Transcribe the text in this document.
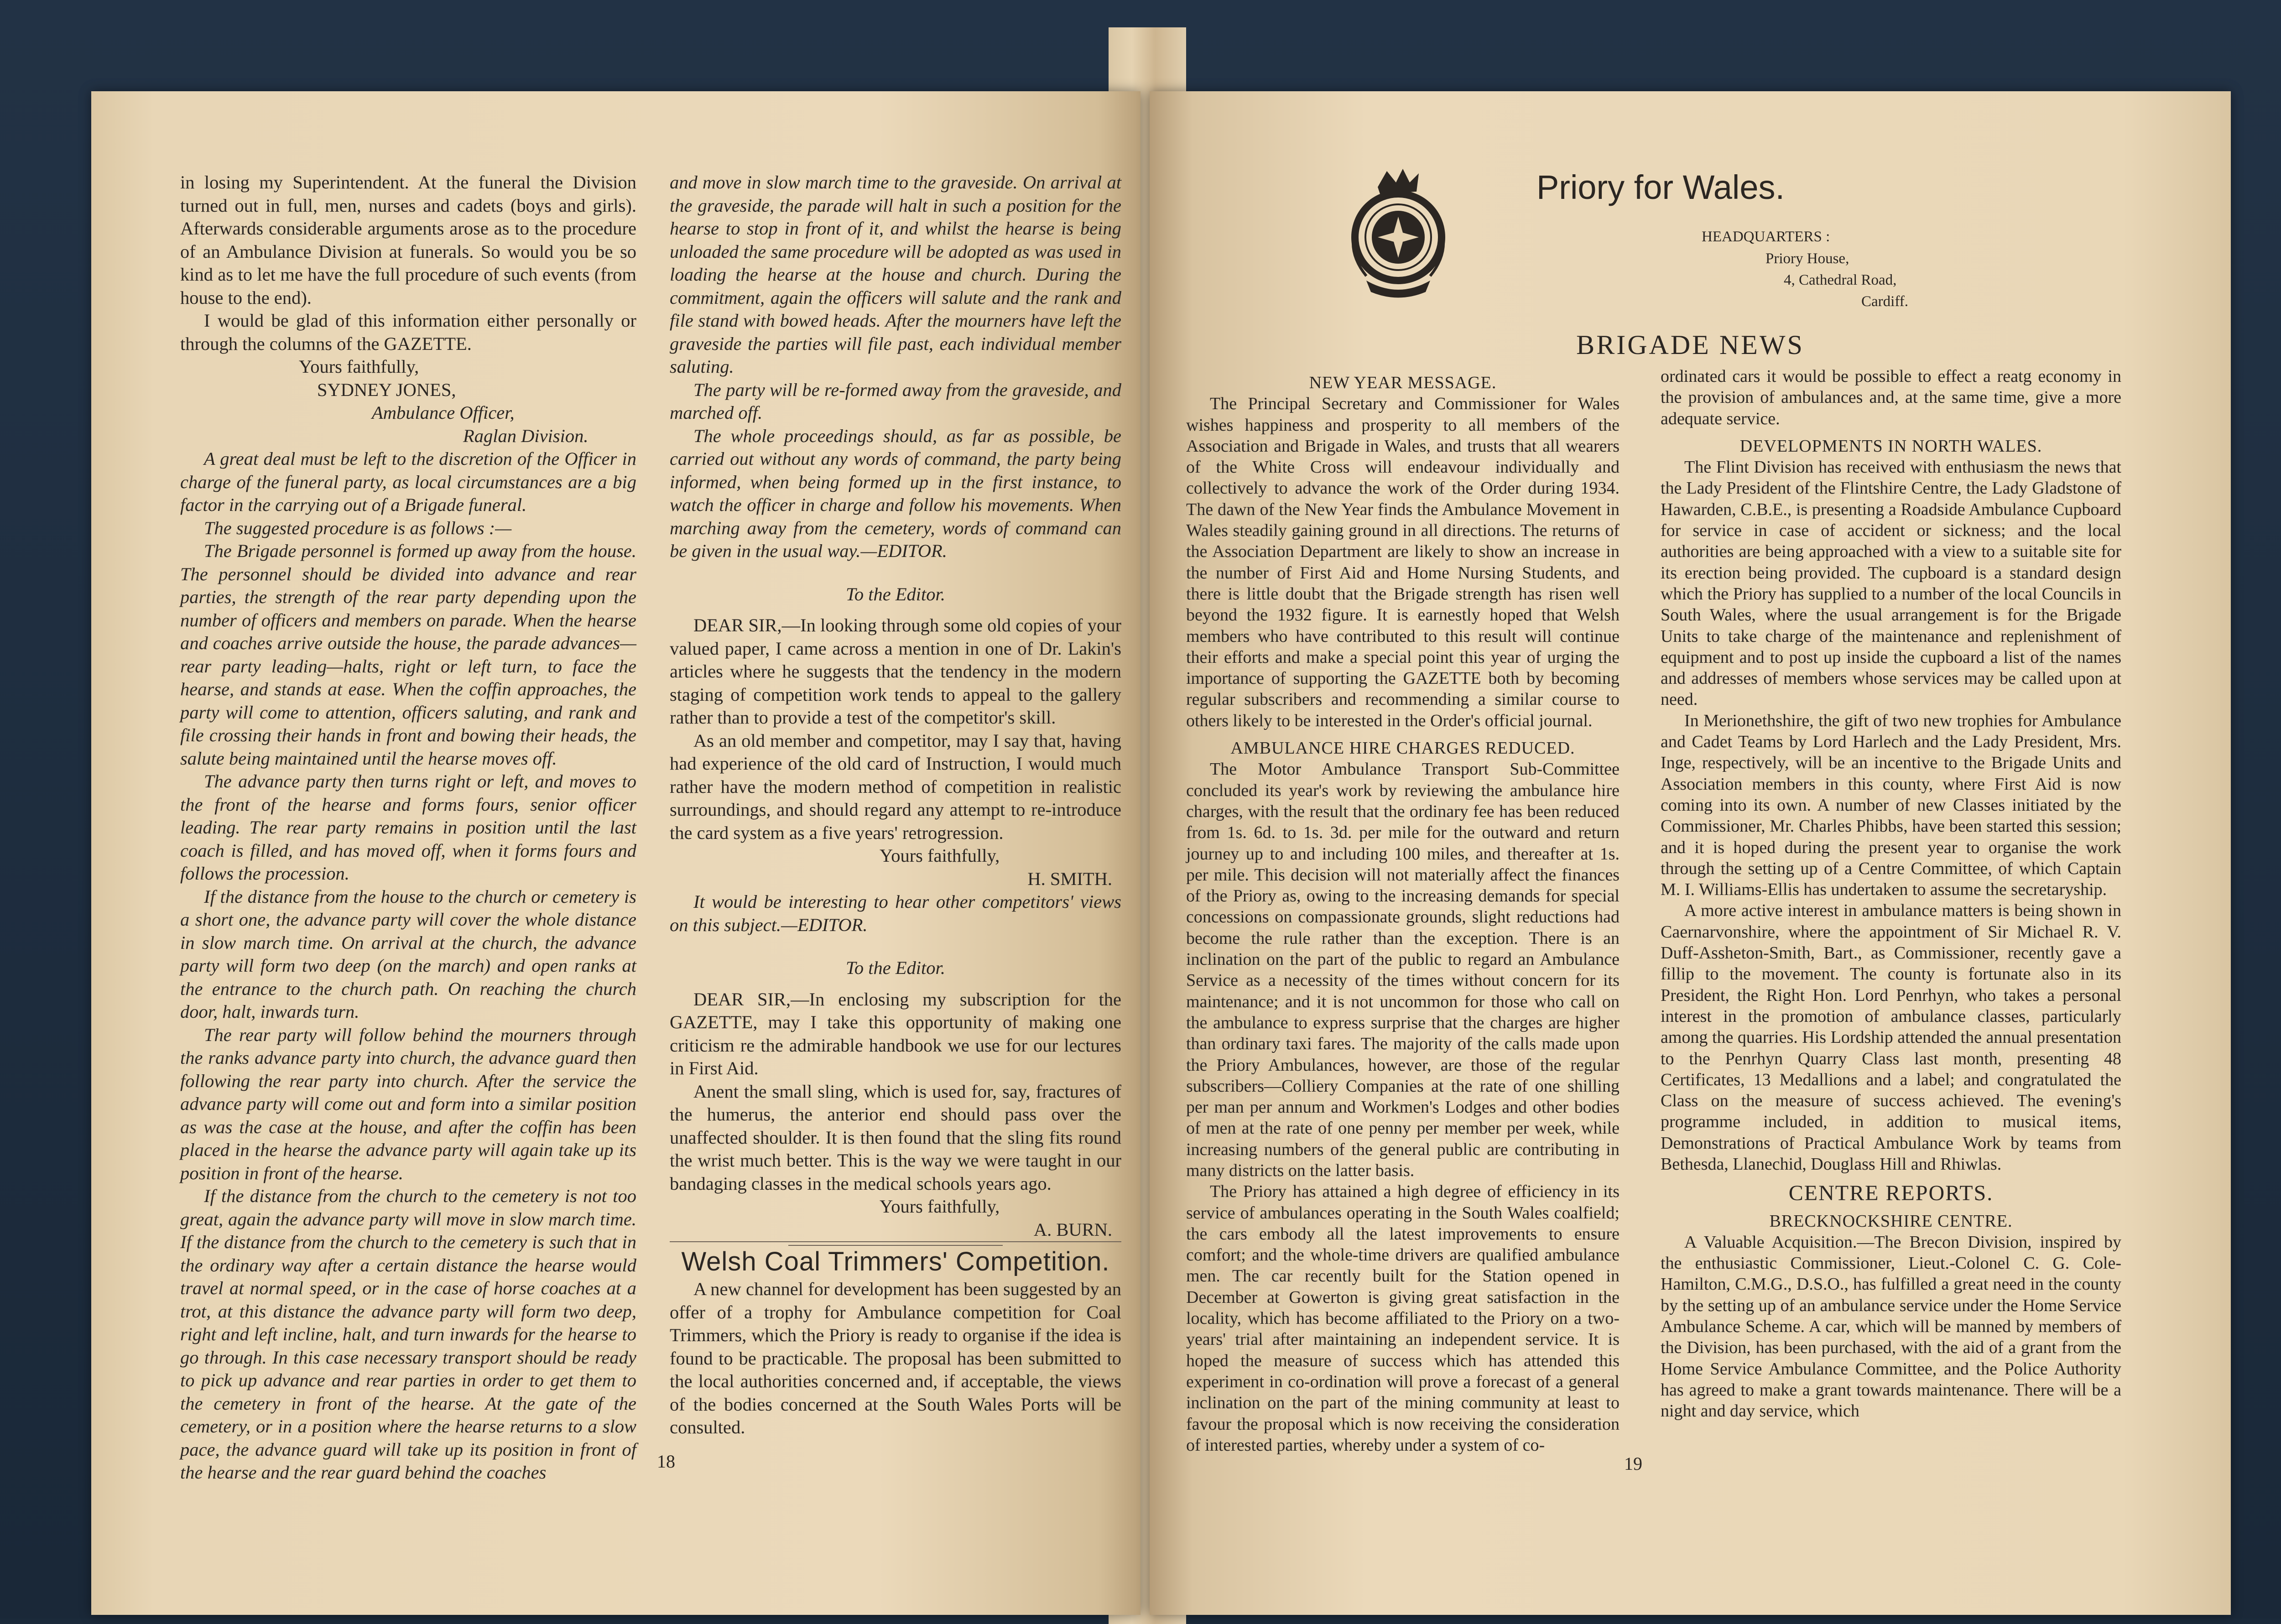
in losing my Superintendent. At the funeral the Division turned out in full, men, nurses and cadets (boys and girls). Afterwards considerable arguments arose as to the procedure of an Ambulance Division at funerals. So would you be so kind as to let me have the full procedure of such events (from house to the end).

I would be glad of this information either personally or through the columns of the GAZETTE.

Yours faithfully,

SYDNEY JONES,

Ambulance Officer,

Raglan Division.

A great deal must be left to the discretion of the Officer in charge of the funeral party, as local circumstances are a big factor in the carrying out of a Brigade funeral.

The suggested procedure is as follows :—

The Brigade personnel is formed up away from the house. The personnel should be divided into advance and rear parties, the strength of the rear party depending upon the number of officers and members on parade. When the hearse and coaches arrive outside the house, the parade advances—rear party leading—halts, right or left turn, to face the hearse, and stands at ease. When the coffin approaches, the party will come to attention, officers saluting, and rank and file crossing their hands in front and bowing their heads, the salute being maintained until the hearse moves off.

The advance party then turns right or left, and moves to the front of the hearse and forms fours, senior officer leading. The rear party remains in position until the last coach is filled, and has moved off, when it forms fours and follows the procession.

If the distance from the house to the church or cemetery is a short one, the advance party will cover the whole distance in slow march time. On arrival at the church, the advance party will form two deep (on the march) and open ranks at the entrance to the church path. On reaching the church door, halt, inwards turn.

The rear party will follow behind the mourners through the ranks advance party into church, the advance guard then following the rear party into church. After the service the advance party will come out and form into a similar position as was the case at the house, and after the coffin has been placed in the hearse the advance party will again take up its position in front of the hearse.

If the distance from the church to the cemetery is not too great, again the advance party will move in slow march time. If the distance from the church to the cemetery is such that in the ordinary way after a certain distance the hearse would travel at normal speed, or in the case of horse coaches at a trot, at this distance the advance party will form two deep, right and left incline, halt, and turn inwards for the hearse to go through. In this case necessary transport should be ready to pick up advance and rear parties in order to get them to the cemetery in front of the hearse. At the gate of the cemetery, or in a position where the hearse returns to a slow pace, the advance guard will take up its position in front of the hearse and the rear guard behind the coaches

and move in slow march time to the graveside. On arrival at the graveside, the parade will halt in such a position for the hearse to stop in front of it, and whilst the hearse is being unloaded the same procedure will be adopted as was used in loading the hearse at the house and church. During the commitment, again the officers will salute and the rank and file stand with bowed heads. After the mourners have left the graveside the parties will file past, each individual member saluting.

The party will be re-formed away from the graveside, and marched off.

The whole proceedings should, as far as possible, be carried out without any words of command, the party being informed, when being formed up in the first instance, to watch the officer in charge and follow his movements. When marching away from the cemetery, words of command can be given in the usual way.—EDITOR.

To the Editor.

DEAR SIR,—In looking through some old copies of your valued paper, I came across a mention in one of Dr. Lakin's articles where he suggests that the tendency in the modern staging of competition work tends to appeal to the gallery rather than to provide a test of the competitor's skill.

As an old member and competitor, may I say that, having had experience of the old card of Instruction, I would much rather have the modern method of competition in realistic surroundings, and should regard any attempt to re-introduce the card system as a five years' retrogression.

Yours faithfully,

H. SMITH.

It would be interesting to hear other competitors' views on this subject.—EDITOR.

To the Editor.

DEAR SIR,—In enclosing my subscription for the GAZETTE, may I take this opportunity of making one criticism re the admirable handbook we use for our lectures in First Aid.

Anent the small sling, which is used for, say, fractures of the humerus, the anterior end should pass over the unaffected shoulder. It is then found that the sling fits round the wrist much better. This is the way we were taught in our bandaging classes in the medical schools years ago.

Yours faithfully,

A. BURN.

Welsh Coal Trimmers' Competition.

A new channel for development has been suggested by an offer of a trophy for Ambulance competition for Coal Trimmers, which the Priory is ready to organise if the idea is found to be practicable. The proposal has been submitted to the local authorities concerned and, if acceptable, the views of the bodies concerned at the South Wales Ports will be consulted.

18
Priory for Wales.
HEADQUARTERS :
Priory House,
4, Cathedral Road,
Cardiff.
BRIGADE NEWS

NEW YEAR MESSAGE.

The Principal Secretary and Commissioner for Wales wishes happiness and prosperity to all members of the Association and Brigade in Wales, and trusts that all wearers of the White Cross will endeavour individually and collectively to advance the work of the Order during 1934. The dawn of the New Year finds the Ambulance Movement in Wales steadily gaining ground in all directions. The returns of the Association Department are likely to show an increase in the number of First Aid and Home Nursing Students, and there is little doubt that the Brigade strength has risen well beyond the 1932 figure. It is earnestly hoped that Welsh members who have contributed to this result will continue their efforts and make a special point this year of urging the importance of supporting the GAZETTE both by becoming regular subscribers and recommending a similar course to others likely to be interested in the Order's official journal.

AMBULANCE HIRE CHARGES REDUCED.

The Motor Ambulance Transport Sub-Committee concluded its year's work by reviewing the ambulance hire charges, with the result that the ordinary fee has been reduced from 1s. 6d. to 1s. 3d. per mile for the outward and return journey up to and including 100 miles, and thereafter at 1s. per mile. This decision will not materially affect the finances of the Priory as, owing to the increasing demands for special concessions on compassionate grounds, slight reductions had become the rule rather than the exception. There is an inclination on the part of the public to regard an Ambulance Service as a necessity of the times without concern for its maintenance; and it is not uncommon for those who call on the ambulance to express surprise that the charges are higher than ordinary taxi fares. The majority of the calls made upon the Priory Ambulances, however, are those of the regular subscribers—Colliery Companies at the rate of one shilling per man per annum and Workmen's Lodges and other bodies of men at the rate of one penny per member per week, while increasing numbers of the general public are contributing in many districts on the latter basis.

The Priory has attained a high degree of efficiency in its service of ambulances operating in the South Wales coalfield; the cars embody all the latest improvements to ensure comfort; and the whole-time drivers are qualified ambulance men. The car recently built for the Station opened in December at Gowerton is giving great satisfaction in the locality, which has become affiliated to the Priory on a two-years' trial after maintaining an independent service. It is hoped the measure of success which has attended this experiment in co-ordination will prove a forecast of a general inclination on the part of the mining community at least to favour the proposal which is now receiving the consideration of interested parties, whereby under a system of co-

ordinated cars it would be possible to effect a reatg economy in the provision of ambulances and, at the same time, give a more adequate service.

DEVELOPMENTS IN NORTH WALES.

The Flint Division has received with enthusiasm the news that the Lady President of the Flintshire Centre, the Lady Gladstone of Hawarden, C.B.E., is presenting a Roadside Ambulance Cupboard for service in case of accident or sickness; and the local authorities are being approached with a view to a suitable site for its erection being provided. The cupboard is a standard design which the Priory has supplied to a number of the local Councils in South Wales, where the usual arrangement is for the Brigade Units to take charge of the maintenance and replenishment of equipment and to post up inside the cupboard a list of the names and addresses of members whose services may be called upon at need.

In Merionethshire, the gift of two new trophies for Ambulance and Cadet Teams by Lord Harlech and the Lady President, Mrs. Inge, respectively, will be an incentive to the Brigade Units and Association members in this county, where First Aid is now coming into its own. A number of new Classes initiated by the Commissioner, Mr. Charles Phibbs, have been started this session; and it is hoped during the present year to organise the work through the setting up of a Centre Committee, of which Captain M. I. Williams-Ellis has undertaken to assume the secretaryship.

A more active interest in ambulance matters is being shown in Caernarvonshire, where the appointment of Sir Michael R. V. Duff-Assheton-Smith, Bart., as Commissioner, recently gave a fillip to the movement. The county is fortunate also in its President, the Right Hon. Lord Penrhyn, who takes a personal interest in the promotion of ambulance classes, particularly among the quarries. His Lordship attended the annual presentation to the Penrhyn Quarry Class last month, presenting 48 Certificates, 13 Medallions and a label; and congratulated the Class on the measure of success achieved. The evening's programme included, in addition to musical items, Demonstrations of Practical Ambulance Work by teams from Bethesda, Llanechid, Douglass Hill and Rhiwlas.

CENTRE REPORTS.

BRECKNOCKSHIRE CENTRE.

A Valuable Acquisition.—The Brecon Division, inspired by the enthusiastic Commissioner, Lieut.-Colonel C. G. Cole-Hamilton, C.M.G., D.S.O., has fulfilled a great need in the county by the setting up of an ambulance service under the Home Service Ambulance Scheme. A car, which will be manned by members of the Division, has been purchased, with the aid of a grant from the Home Service Ambulance Committee, and the Police Authority has agreed to make a grant towards maintenance. There will be a night and day service, which

19
